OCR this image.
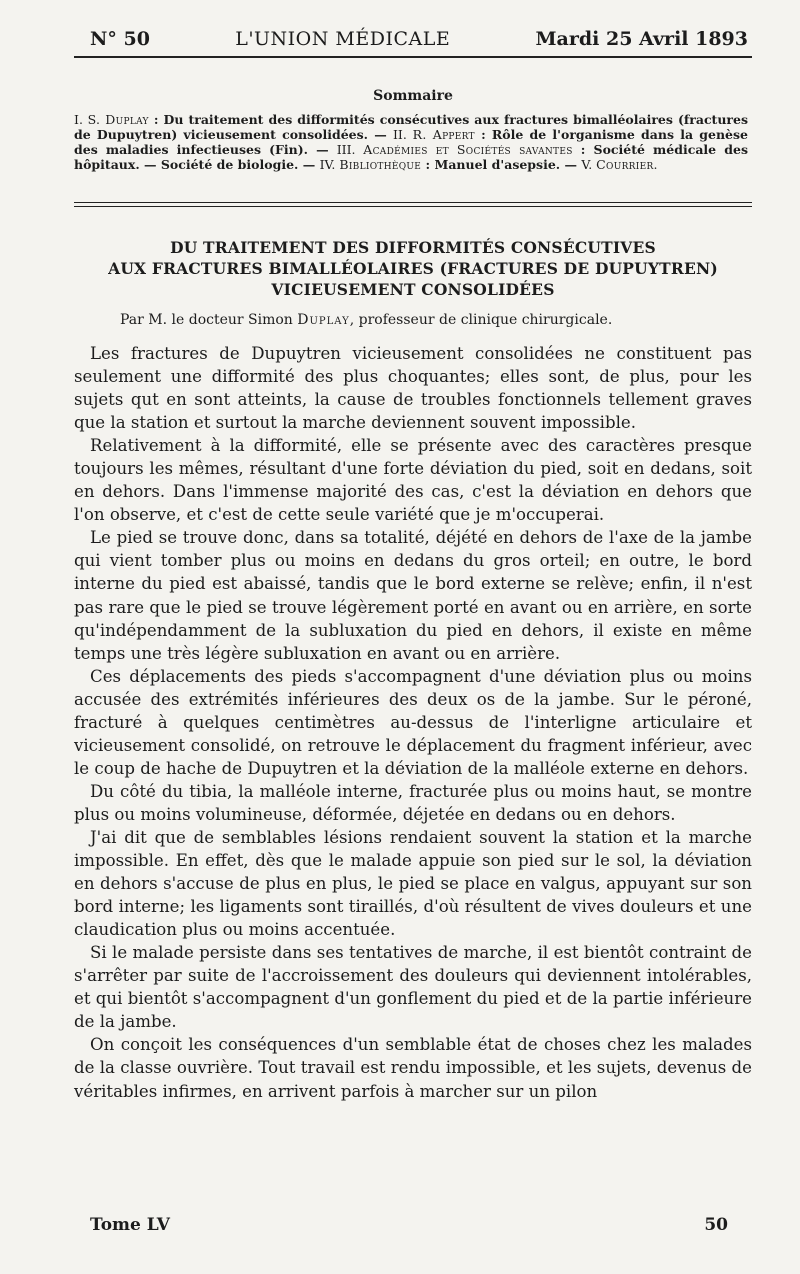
N° 50	L'UNION MÉDICALE	Mardi 25 Avril 1893
Sommaire

I. S. Duplay : Du traitement des difformités consécutives aux fractures bimalléolaires (fractures de Dupuytren) vicieusement consolidées. — II. R. Appert : Rôle de l'organisme dans la genèse des maladies infectieuses (Fin). — III. Académies et Sociétés savantes : Société médicale des hôpitaux. — Société de biologie. — IV. Bibliothèque : Manuel d'asepsie. — V. Courrier.

DU TRAITEMENT DES DIFFORMITÉS CONSÉCUTIVES
AUX FRACTURES BIMALLÉOLAIRES (FRACTURES DE DUPUYTREN)
VICIEUSEMENT CONSOLIDÉES
Par M. le docteur Simon Duplay, professeur de clinique chirurgicale.

Les fractures de Dupuytren vicieusement consolidées ne constituent pas seulement une difformité des plus choquantes; elles sont, de plus, pour les sujets qut en sont atteints, la cause de troubles fonctionnels tellement graves que la station et surtout la marche deviennent souvent impossible.

Relativement à la difformité, elle se présente avec des caractères presque toujours les mêmes, résultant d'une forte déviation du pied, soit en dedans, soit en dehors. Dans l'immense majorité des cas, c'est la déviation en dehors que l'on observe, et c'est de cette seule variété que je m'occuperai.

Le pied se trouve donc, dans sa totalité, déjété en dehors de l'axe de la jambe qui vient tomber plus ou moins en dedans du gros orteil; en outre, le bord interne du pied est abaissé, tandis que le bord externe se relève; enfin, il n'est pas rare que le pied se trouve légèrement porté en avant ou en arrière, en sorte qu'indépendamment de la subluxation du pied en dehors, il existe en même temps une très légère subluxation en avant ou en arrière.

Ces déplacements des pieds s'accompagnent d'une déviation plus ou moins accusée des extrémités inférieures des deux os de la jambe. Sur le péroné, fracturé à quelques centimètres au-dessus de l'interligne articulaire et vicieusement consolidé, on retrouve le déplacement du fragment inférieur, avec le coup de hache de Dupuytren et la déviation de la malléole externe en dehors.

Du côté du tibia, la malléole interne, fracturée plus ou moins haut, se montre plus ou moins volumineuse, déformée, déjetée en dedans ou en dehors.

J'ai dit que de semblables lésions rendaient souvent la station et la marche impossible. En effet, dès que le malade appuie son pied sur le sol, la déviation en dehors s'accuse de plus en plus, le pied se place en valgus, appuyant sur son bord interne; les ligaments sont tiraillés, d'où résultent de vives douleurs et une claudication plus ou moins accentuée.

Si le malade persiste dans ses tentatives de marche, il est bientôt contraint de s'arrêter par suite de l'accroissement des douleurs qui deviennent intolérables, et qui bientôt s'accompagnent d'un gonflement du pied et de la partie inférieure de la jambe.

On conçoit les conséquences d'un semblable état de choses chez les malades de la classe ouvrière. Tout travail est rendu impossible, et les sujets, devenus de véritables infirmes, en arrivent parfois à marcher sur un pilon

Tome LV	50
